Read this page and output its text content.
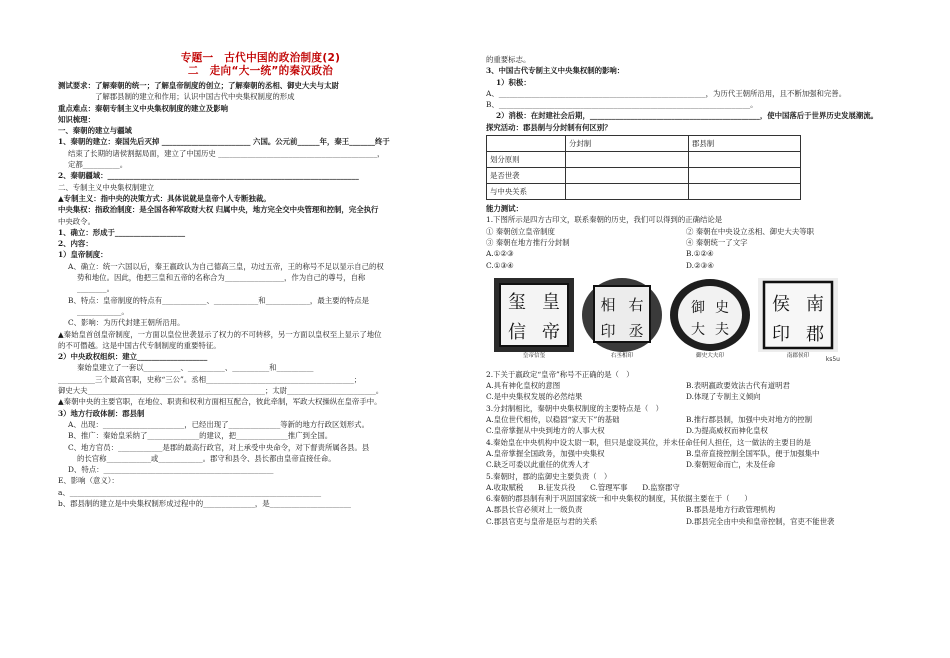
专题一　古代中国的政治制度(2)
二　走向“大一统”的秦汉政治
测试要求：了解秦朝的统一；了解皇帝制度的创立；了解秦朝的丞相、御史大夫与太尉
　　　　　了解郡县制的建立和作用；认识中国古代中央集权制度的形成
重点难点：秦朝专制主义中央集权制度的建立及影响
知识梳理：
一、秦朝的建立与疆域
1、秦朝的建立：秦国先后灭掉 ________________________ 六国。公元前______年，秦王_______终于
结束了长期的诸侯割据局面，建立了中国历史 ___________________________________________，
定都__________。
2、秦朝疆域：____________________________________________________________________
二、专制主义中央集权制建立
▲专制主义：指中央的决策方式：具体说就是皇帝个人专断独裁。
中央集权：指政治制度：是全国各种军政财大权 归属中央，地方完全交中央管理和控制，完全执行
中央政令。
1、确立：形成于___________________
2、内容：
1）皇帝制度：
A、确立：统一六国以后，秦王嬴政认为自己德高三皇，功过五帝，王的称号不足以显示自己的权
势和地位。因此，他把三皇和五帝的名称合为________________，作为自己的尊号，自称
________。
B、特点：皇帝制度的特点有____________、____________和____________，最主要的特点是
____________。
C、影响：为历代封建王朝所沿用。
▲秦始皇首创皇帝制度，一方面以皇位世袭显示了权力的不可转移，另一方面以皇权至上显示了地位
的不可僭越。这是中国古代专制制度的重要特征。
2）中央政权组织：建立___________________
秦始皇建立了一套以__________、__________、__________和__________
__________三个最高官职，史称“三公”。丞相________________________________________；
御史大夫________________________________________________；太尉________________________。
▲秦朝中央的主要官职，在地位、职责和权利方面相互配合，彼此牵制，军政大权操纵在皇帝手中。
3）地方行政体制：郡县制
A、出现：______________________，已经出现了______________等新的地方行政区划形式。
B、推广：秦始皇采纳了______________的建议，把______________推广到全国。
C、地方官员：____________是郡的最高行政官，对上承受中央命令，对下督责所属各县。县
的长官称____________或____________。郡守和县令、县长都由皇帝直接任命。
D、特点：______________________________________________
E、影响（意义）：
a、____________________________________________________________________
b、郡县制的建立是中央集权制形成过程中的______________，是______________________
的重要标志。
3、中国古代专制主义中央集权制的影响：
1）积极：
A、________________________________________________________，为历代王朝所沿用，且不断加强和完善。
B、____________________________________________________________________。
2）消极：在封建社会后期，______________________________________________，使中国落后于世界历史发展潮流。
探究活动：郡县制与分封制有何区别？
	分封制	郡县制
划分原则		
是否世袭		
与中央关系		
能力测试：
1.下图所示是四方古印文，联系秦朝的历史，我们可以得到的正确结论是
① 秦朝创立皇帝制度	② 秦朝在中央设立丞相、御史大夫等职
③ 秦朝在地方推行分封制	④ 秦朝统一了文字
A.①②③	B.①②④
C.①③④	D.②③④
玺 皇
信 帝
皇帝信玺
相 右
印 丞
右丞相印
御 史
大 夫
御史大夫印
侯 南
印 郡
南郡侯印	ks5u
2.下关于嬴政定“皇帝”称号不正确的是（　）
A.具有神化皇权的意图	B.表明嬴政要效法古代有道明君
C.是中央集权发展的必然结果	D.体现了专制主义倾向
3.分封制相比，秦朝中央集权制度的主要特点是（　）
A.皇位世代相传，以稳固“家天下”的基础	B.推行郡县制，加强中央对地方的控制
C.皇帝掌握从中央到地方的人事大权	D.为提高威权而神化皇权
4.秦始皇在中央机构中设太尉一职，但只是虚设其位，并未任命任何人担任，这一做法的主要目的是
A.皇帝掌握全国政务，加强中央集权	B.皇帝直接控制全国军队，便于加强集中
C.缺乏可委以此重任的优秀人才	D.秦朝短命而亡，未及任命
5.秦朝时，郡的监御史主要负责（　）
A.收取赋税　　B.征发兵役　　C.管理军事　　D.监察郡守
6.秦朝的郡县制有利于巩固国家统一和中央集权的制度，其依据主要在于（　　）
A.郡县长官必须对上一级负责	B.郡县是地方行政管理机构
C.郡县官吏与皇帝是臣与君的关系	D.郡县完全由中央和皇帝控制，官吏不能世袭
